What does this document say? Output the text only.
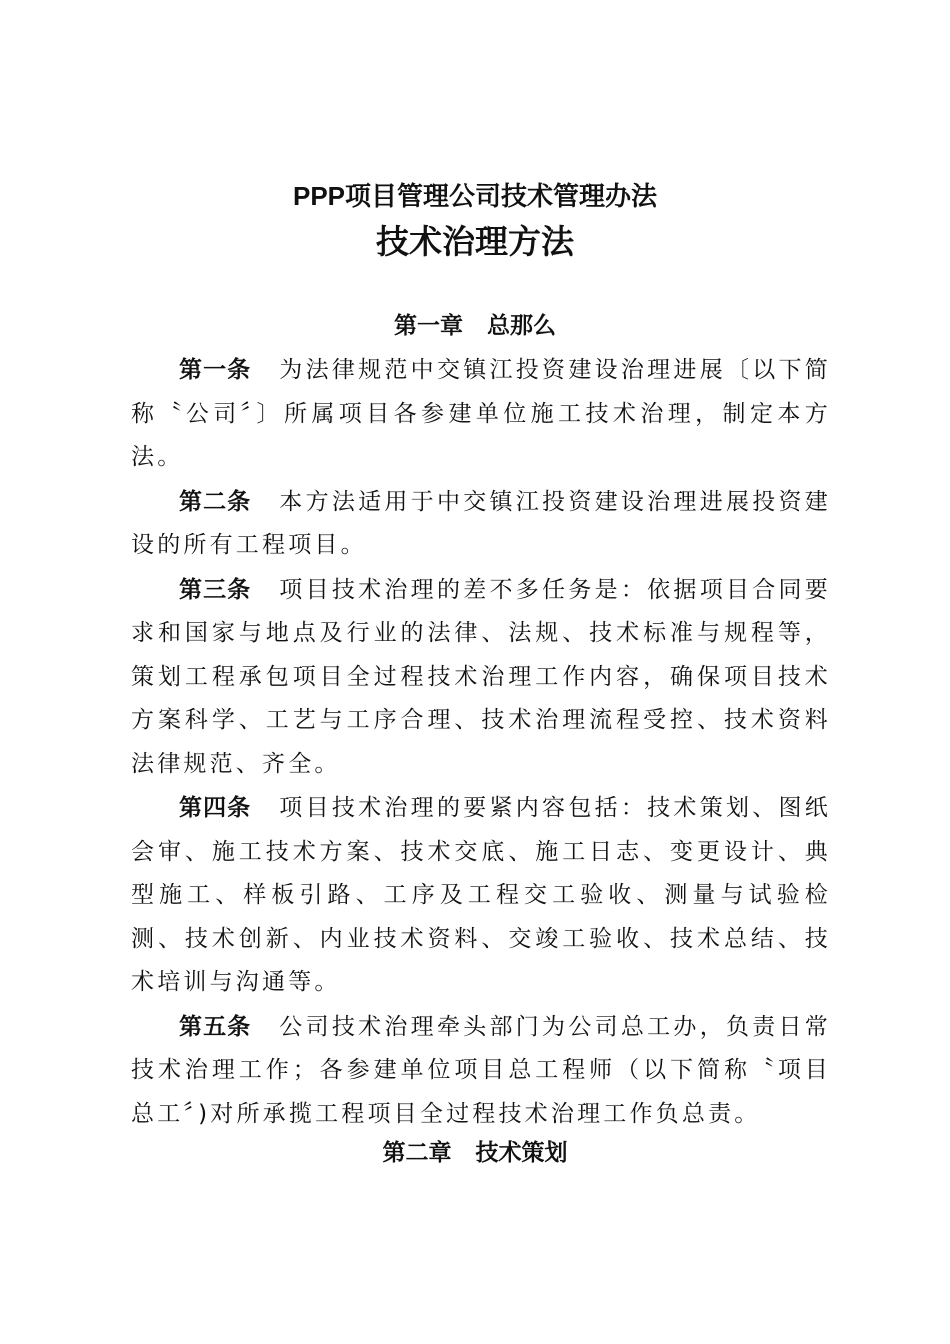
PPP项目管理公司技术管理办法
技术治理方法
第一章 总那么

第一条 为法律规范中交镇江投资建设治理进展〔以下简称〝公司〞〕所属项目各参建单位施工技术治理，制定本方法。

第二条 本方法适用于中交镇江投资建设治理进展投资建设的所有工程项目。

第三条 项目技术治理的差不多任务是：依据项目合同要求和国家与地点及行业的法律、法规、技术标准与规程等，策划工程承包项目全过程技术治理工作内容，确保项目技术方案科学、工艺与工序合理、技术治理流程受控、技术资料法律规范、齐全。

第四条 项目技术治理的要紧内容包括：技术策划、图纸会审、施工技术方案、技术交底、施工日志、变更设计、典型施工、样板引路、工序及工程交工验收、测量与试验检测、技术创新、内业技术资料、交竣工验收、技术总结、技术培训与沟通等。

第五条 公司技术治理牵头部门为公司总工办，负责日常技术治理工作；各参建单位项目总工程师（以下简称〝项目总工〞)对所承揽工程项目全过程技术治理工作负总责。

第二章 技术策划
